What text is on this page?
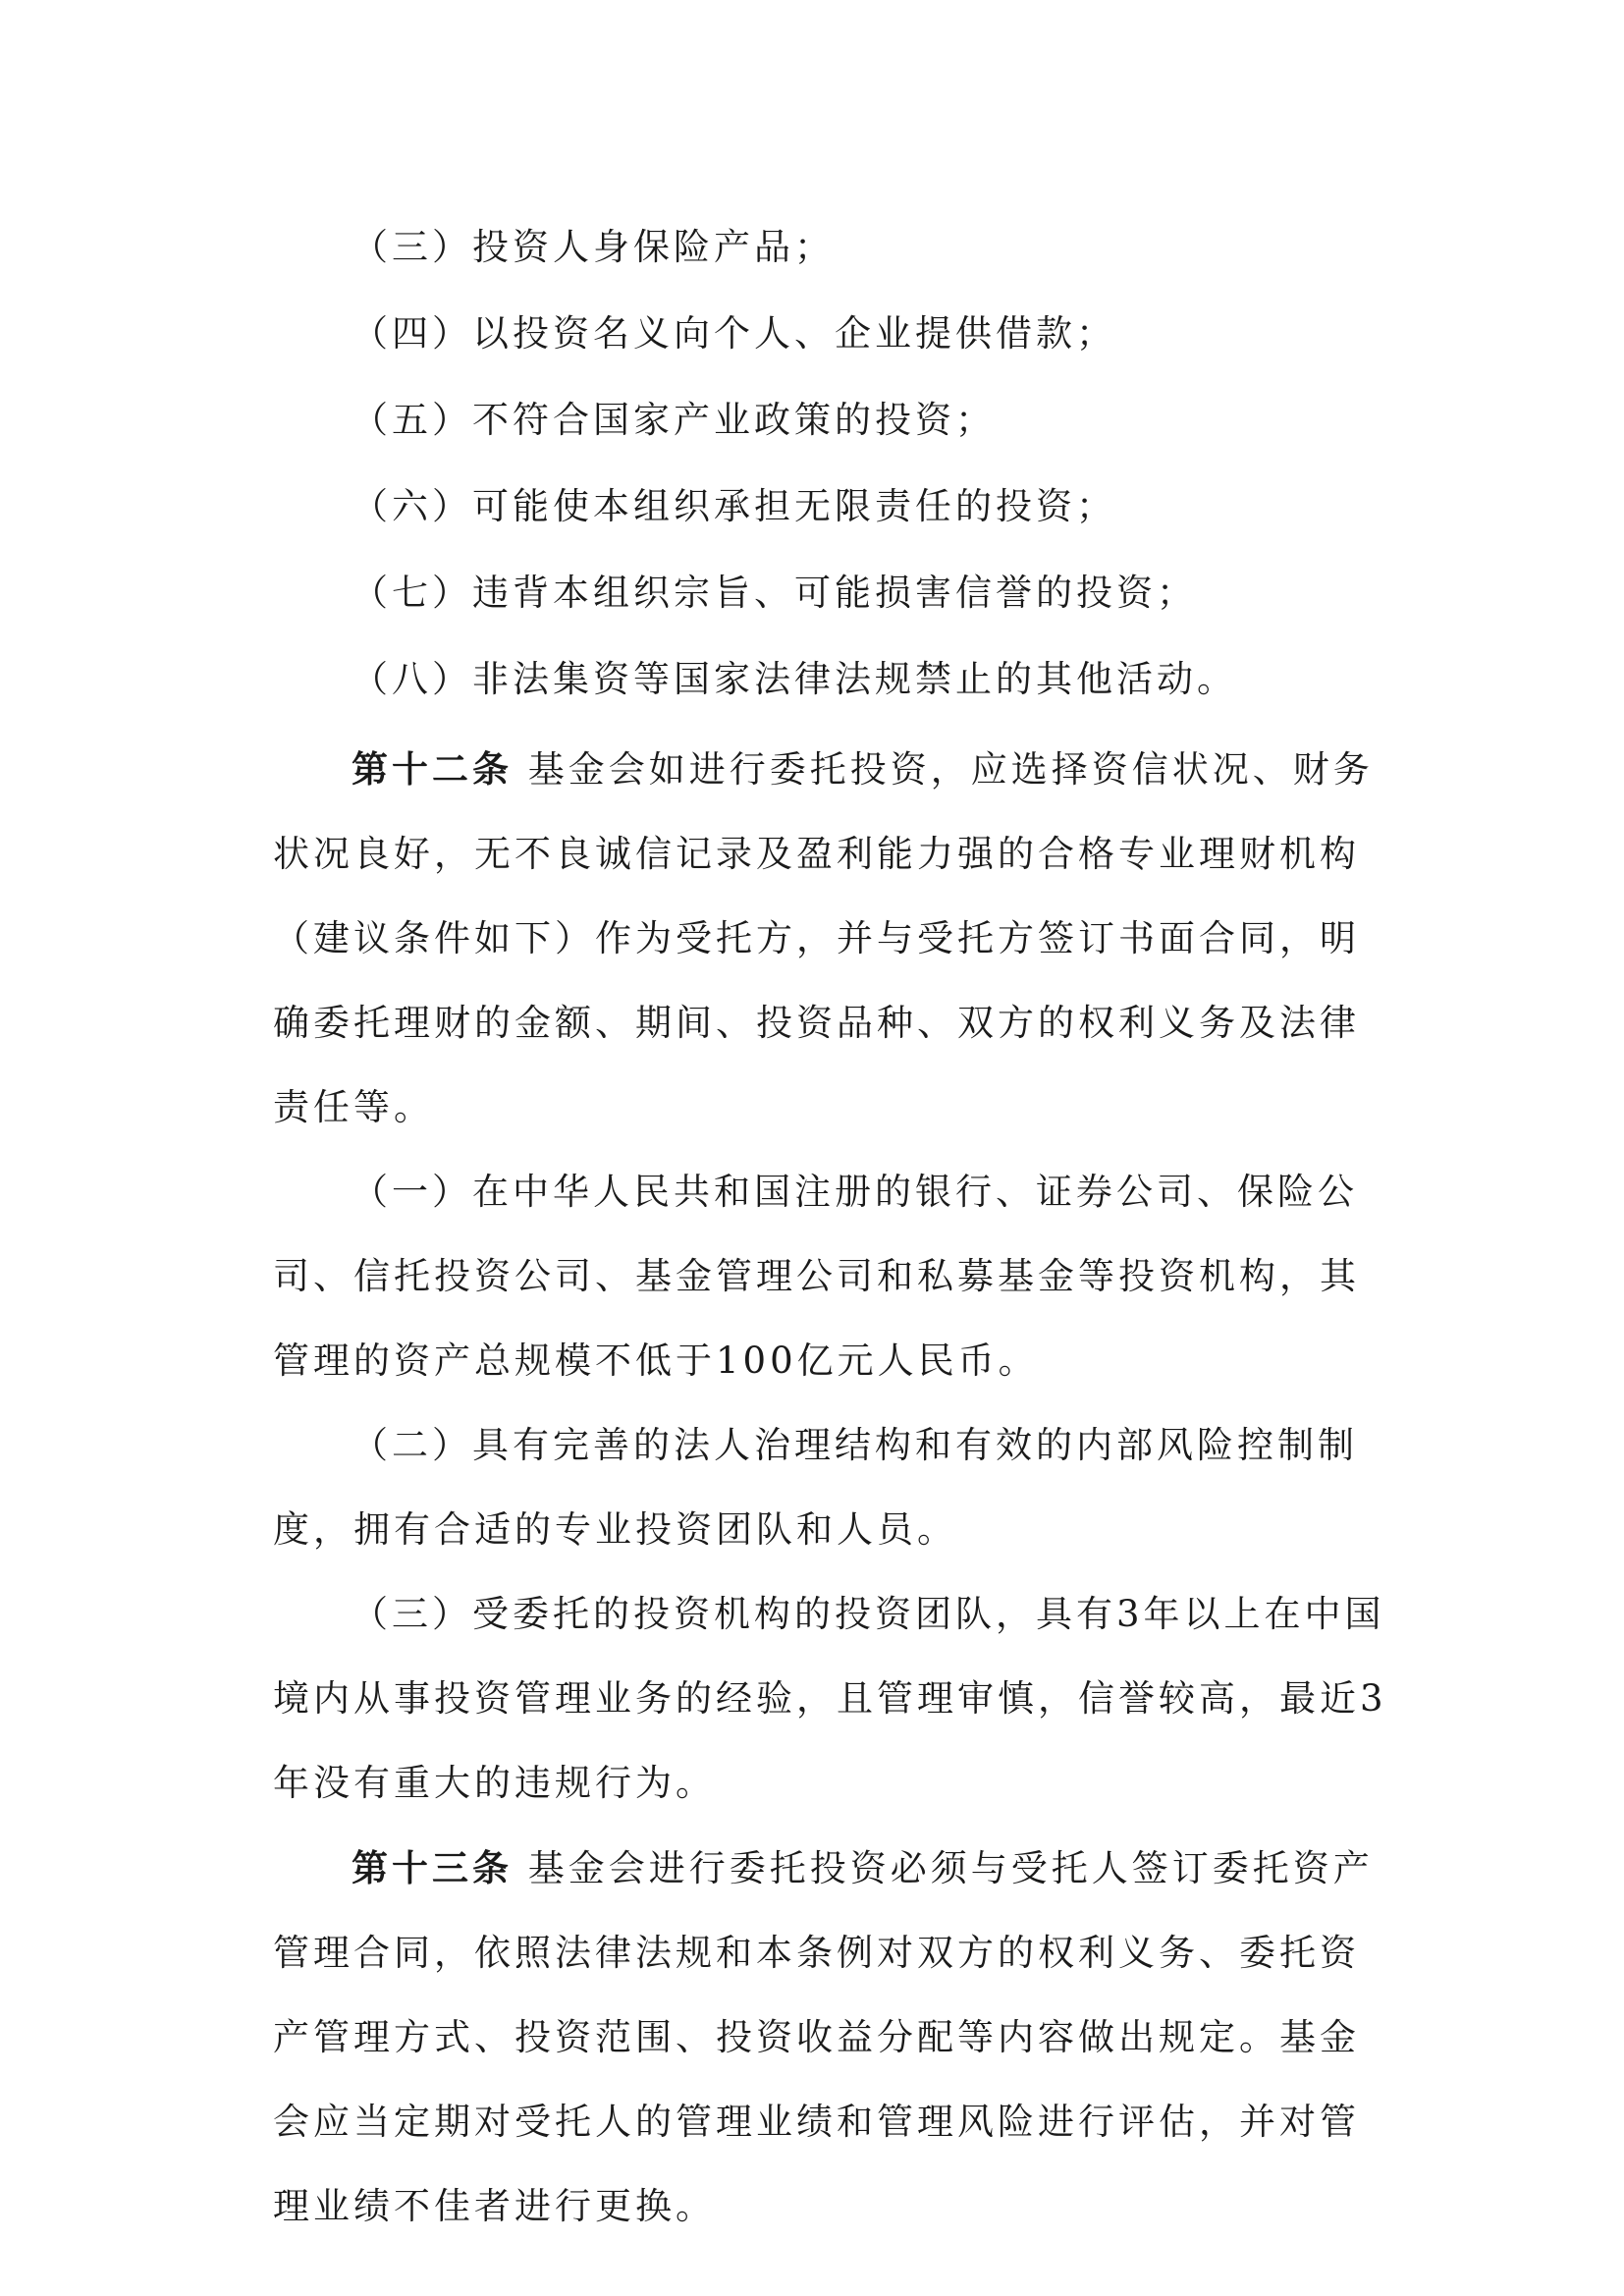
（三）投资人身保险产品；

（四）以投资名义向个人、企业提供借款；

（五）不符合国家产业政策的投资；

（六）可能使本组织承担无限责任的投资；

（七）违背本组织宗旨、可能损害信誉的投资；

（八）非法集资等国家法律法规禁止的其他活动。

第十二条 基金会如进行委托投资，应选择资信状况、财务状况良好，无不良诚信记录及盈利能力强的合格专业理财机构（建议条件如下）作为受托方，并与受托方签订书面合同，明确委托理财的金额、期间、投资品种、双方的权利义务及法律责任等。

（一）在中华人民共和国注册的银行、证券公司、保险公司、信托投资公司、基金管理公司和私募基金等投资机构，其管理的资产总规模不低于100亿元人民币。

（二）具有完善的法人治理结构和有效的内部风险控制制度，拥有合适的专业投资团队和人员。

（三）受委托的投资机构的投资团队，具有3年以上在中国境内从事投资管理业务的经验，且管理审慎，信誉较高，最近3年没有重大的违规行为。

第十三条 基金会进行委托投资必须与受托人签订委托资产管理合同，依照法律法规和本条例对双方的权利义务、委托资产管理方式、投资范围、投资收益分配等内容做出规定。基金会应当定期对受托人的管理业绩和管理风险进行评估，并对管理业绩不佳者进行更换。
